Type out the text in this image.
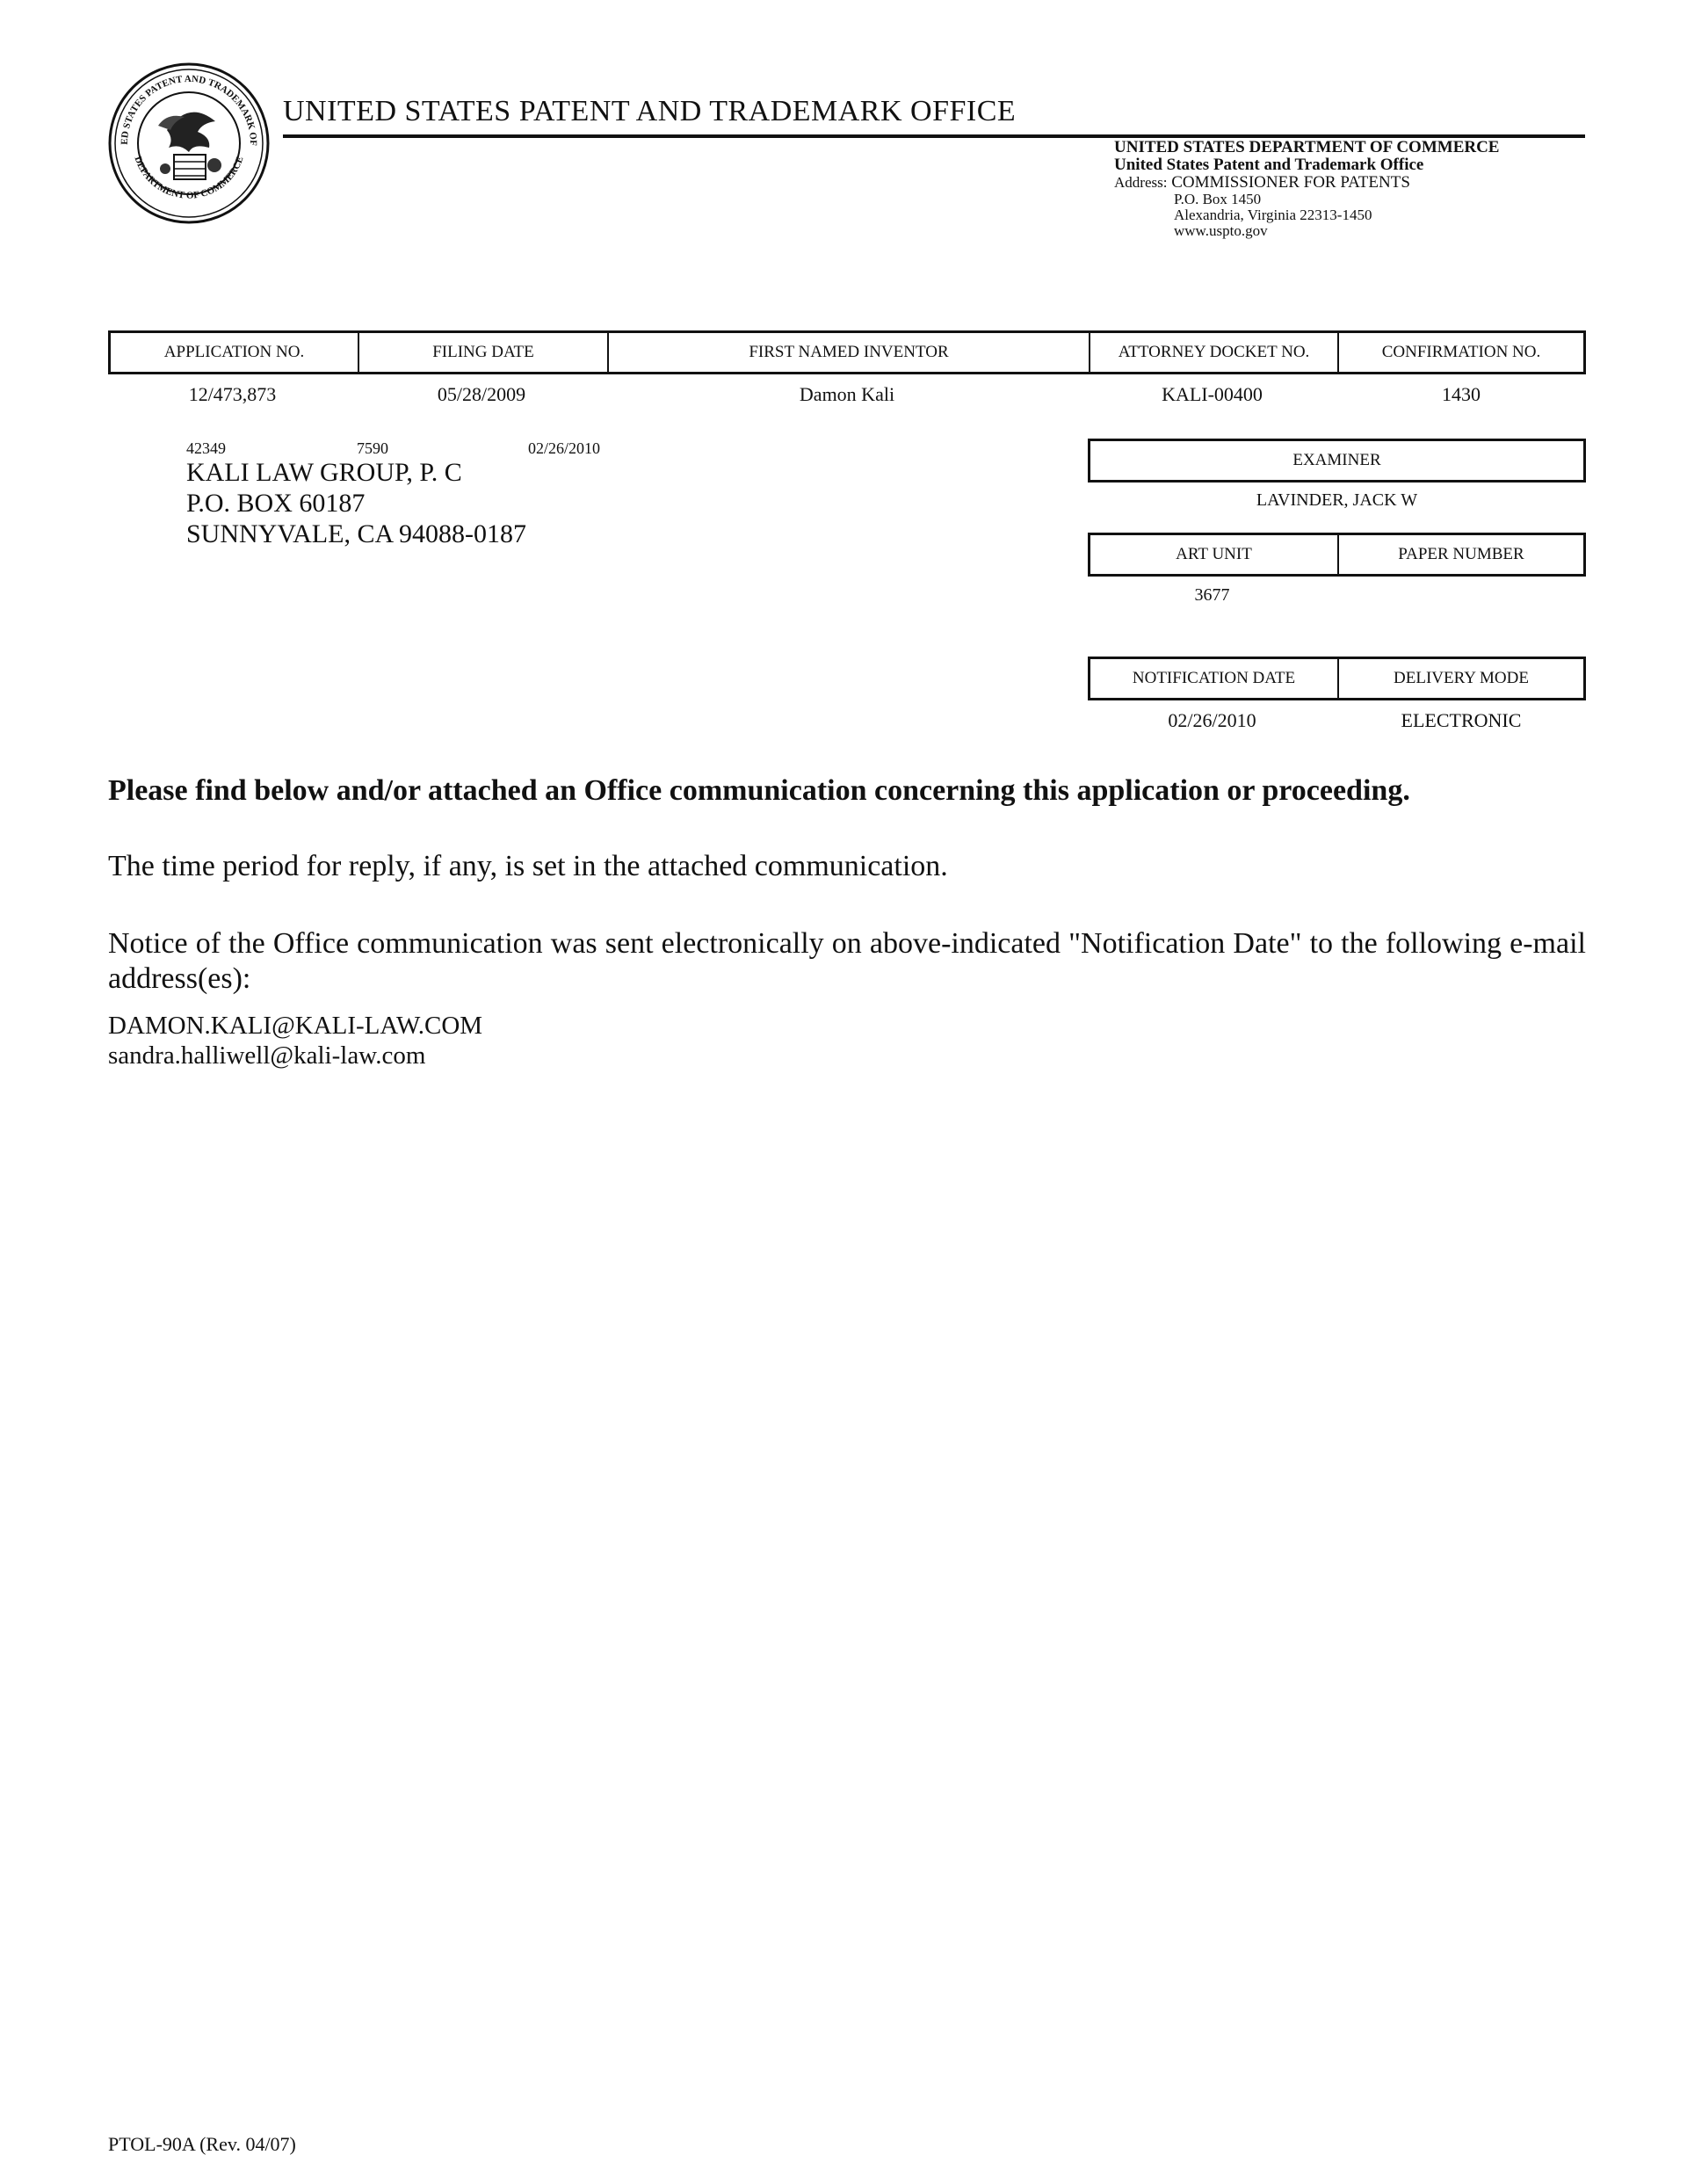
ED STATES PATENT AND TRADEMARK OF
DEPARTMENT OF COMMERCE
UNITED STATES PATENT AND TRADEMARK OFFICE
UNITED STATES DEPARTMENT OF COMMERCE
United States Patent and Trademark Office
Address: COMMISSIONER FOR PATENTS
P.O. Box 1450
Alexandria, Virginia 22313-1450
www.uspto.gov
APPLICATION NO.	FILING DATE	FIRST NAMED INVENTOR	ATTORNEY DOCKET NO.	CONFIRMATION NO.
12/473,873	05/28/2009	Damon Kali	KALI-00400	1430
42349	7590	02/26/2010
KALI LAW GROUP, P. C
P.O. BOX 60187
SUNNYVALE, CA 94088-0187
EXAMINER
LAVINDER, JACK W
ART UNIT	PAPER NUMBER
3677
NOTIFICATION DATE	DELIVERY MODE
02/26/2010	ELECTRONIC
Please find below and/or attached an Office communication concerning this application or proceeding.
The time period for reply, if any, is set in the attached communication.
Notice of the Office communication was sent electronically on above-indicated "Notification Date" to the following e-mail address(es):
DAMON.KALI@KALI-LAW.COM
sandra.halliwell@kali-law.com
PTOL-90A (Rev. 04/07)
